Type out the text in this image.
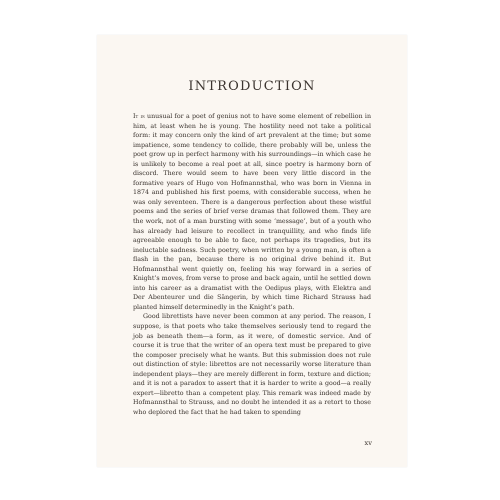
INTRODUCTION

It is unusual for a poet of genius not to have some element of rebellion in him, at least when he is young. The hostility need not take a political form: it may concern only the kind of art prevalent at the time; but some impatience, some tendency to collide, there probably will be, unless the poet grow up in perfect harmony with his surroundings—in which case he is unlikely to become a real poet at all, since poetry is harmony born of discord. There would seem to have been very little discord in the formative years of Hugo von Hofmannsthal, who was born in Vienna in 1874 and published his first poems, with considerable success, when he was only seventeen. There is a dangerous perfection about these wistful poems and the series of brief verse dramas that followed them. They are the work, not of a man bursting with some ‘message’, but of a youth who has already had leisure to recollect in tranquillity, and who finds life agreeable enough to be able to face, not perhaps its tragedies, but its ineluctable sadness. Such poetry, when written by a young man, is often a flash in the pan, because there is no original drive behind it. But Hofmannsthal went quietly on, feeling his way forward in a series of Knight’s moves, from verse to prose and back again, until he settled down into his career as a dramatist with the Oedipus plays, with Elektra and Der Abenteurer und die Sängerin, by which time Richard Strauss had planted himself determinedly in the Knight’s path.

Good librettists have never been common at any period. The reason, I suppose, is that poets who take themselves seriously tend to regard the job as beneath them—a form, as it were, of domestic service. And of course it is true that the writer of an opera text must be prepared to give the composer precisely what he wants. But this submission does not rule out distinction of style: librettos are not necessarily worse literature than independent plays—they are merely different in form, texture and diction; and it is not a paradox to assert that it is harder to write a good—a really expert—libretto than a competent play. This remark was indeed made by Hofmannsthal to Strauss, and no doubt he intended it as a retort to those who deplored the fact that he had taken to spending

xv
